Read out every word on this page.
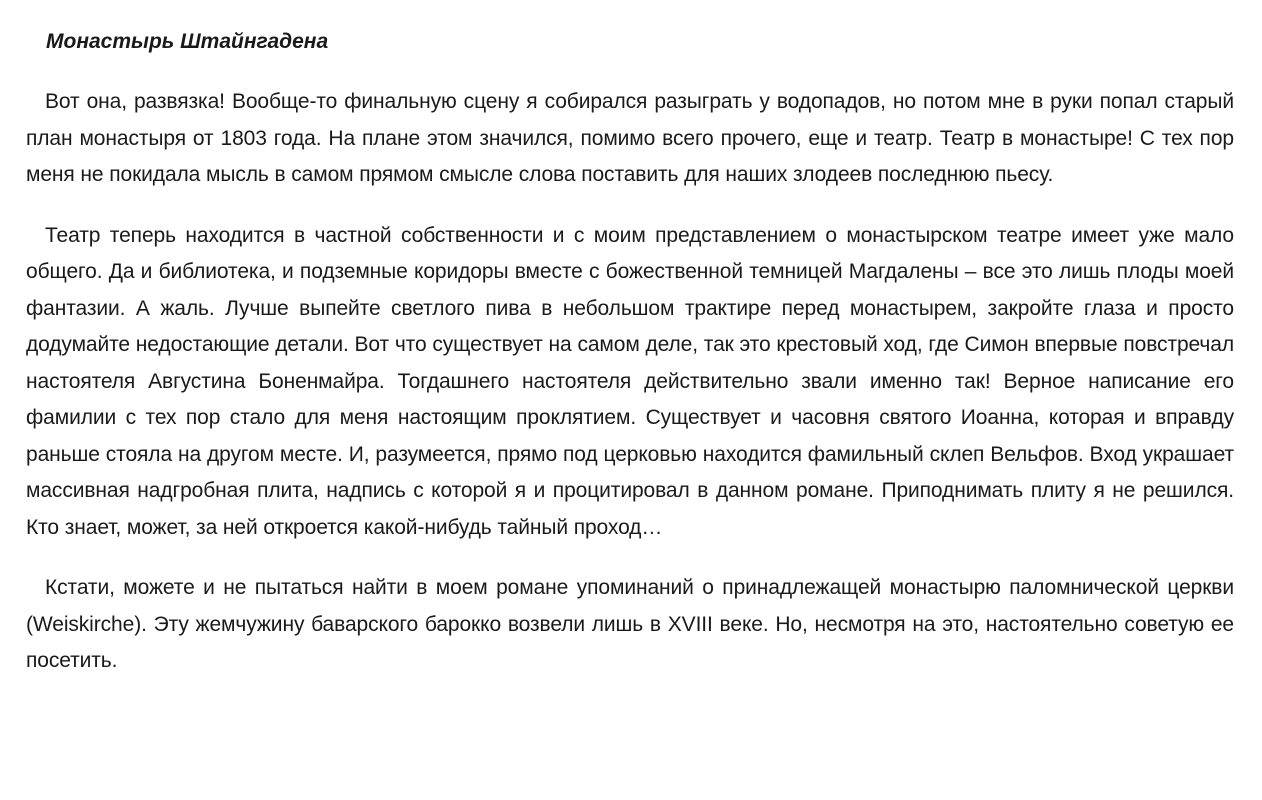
Монастырь Штайнгадена

Вот она, развязка! Вообще-то финальную сцену я собирался разыграть у водопадов, но потом мне в руки попал старый план монастыря от 1803 года. На плане этом значился, помимо всего прочего, еще и театр. Театр в монастыре! С тех пор меня не покидала мысль в самом прямом смысле слова поставить для наших злодеев последнюю пьесу.

Театр теперь находится в частной собственности и с моим представлением о монастырском театре имеет уже мало общего. Да и библиотека, и подземные коридоры вместе с божественной темницей Магдалены – все это лишь плоды моей фантазии. А жаль. Лучше выпейте светлого пива в небольшом трактире перед монастырем, закройте глаза и просто додумайте недостающие детали. Вот что существует на самом деле, так это крестовый ход, где Симон впервые повстречал настоятеля Августина Боненмайра. Тогдашнего настоятеля действительно звали именно так! Верное написание его фамилии с тех пор стало для меня настоящим проклятием. Существует и часовня святого Иоанна, которая и вправду раньше стояла на другом месте. И, разумеется, прямо под церковью находится фамильный склеп Вельфов. Вход украшает массивная надгробная плита, надпись с которой я и процитировал в данном романе. Приподнимать плиту я не решился. Кто знает, может, за ней откроется какой-нибудь тайный проход…

Кстати, можете и не пытаться найти в моем романе упоминаний о принадлежащей монастырю паломнической церкви (Weiskirche). Эту жемчужину баварского барокко возвели лишь в XVIII веке. Но, несмотря на это, настоятельно советую ее посетить.
